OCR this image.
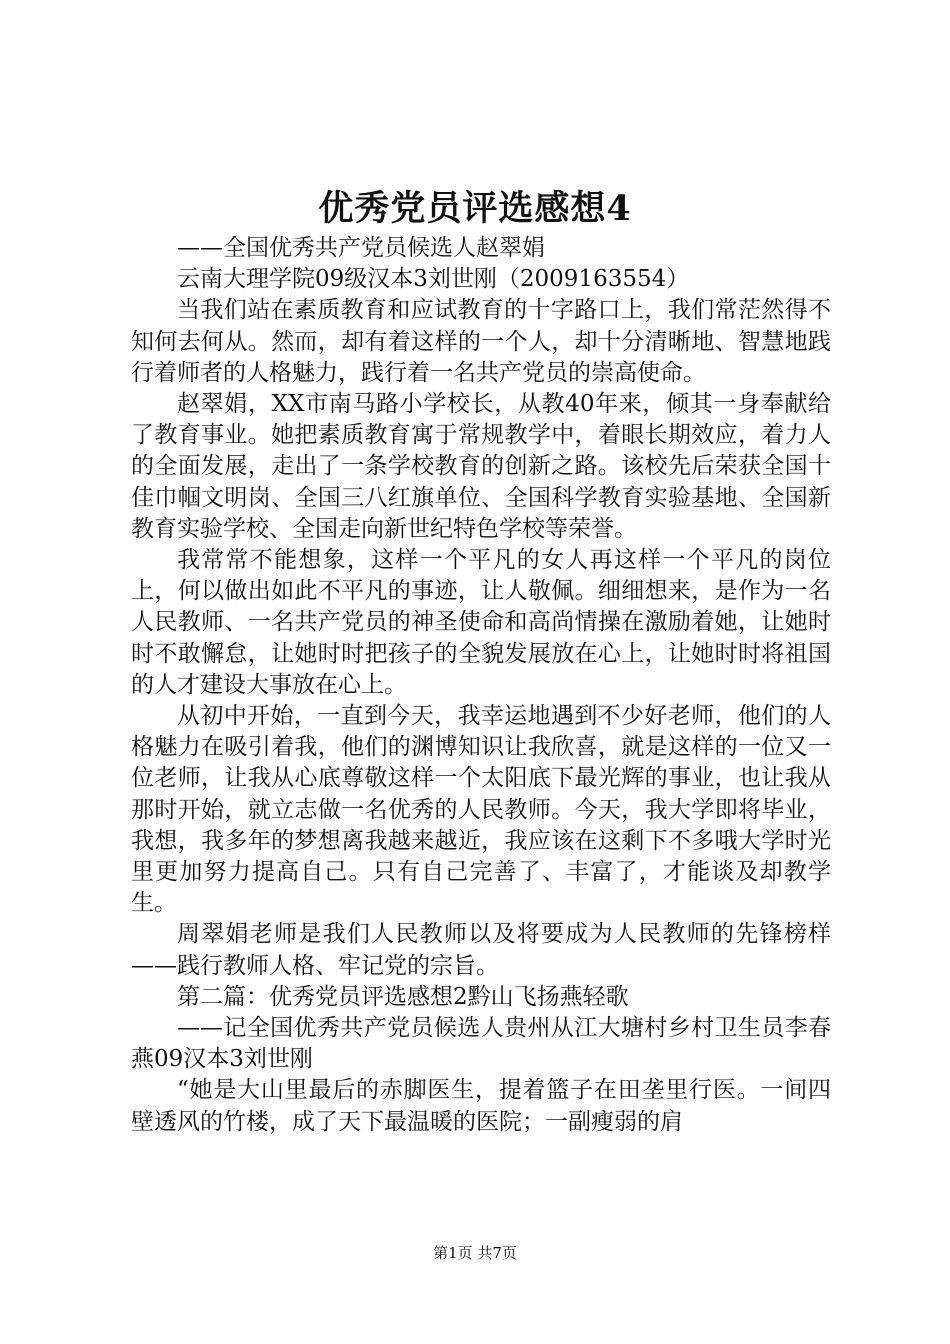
优秀党员评选感想4

——全国优秀共产党员候选人赵翠娟

云南大理学院09级汉本3刘世刚（2009163554）

当我们站在素质教育和应试教育的十字路口上，我们常茫然得不知何去何从。然而，却有着这样的一个人，却十分清晰地、智慧地践行着师者的人格魅力，践行着一名共产党员的崇高使命。

赵翠娟，XX市南马路小学校长，从教40年来，倾其一身奉献给了教育事业。她把素质教育寓于常规教学中，着眼长期效应，着力人的全面发展，走出了一条学校教育的创新之路。该校先后荣获全国十佳巾帼文明岗、全国三八红旗单位、全国科学教育实验基地、全国新教育实验学校、全国走向新世纪特色学校等荣誉。

我常常不能想象，这样一个平凡的女人再这样一个平凡的岗位上，何以做出如此不平凡的事迹，让人敬佩。细细想来，是作为一名人民教师、一名共产党员的神圣使命和高尚情操在激励着她，让她时时不敢懈怠，让她时时把孩子的全貌发展放在心上，让她时时将祖国的人才建设大事放在心上。

从初中开始，一直到今天，我幸运地遇到不少好老师，他们的人格魅力在吸引着我，他们的渊博知识让我欣喜，就是这样的一位又一位老师，让我从心底尊敬这样一个太阳底下最光辉的事业，也让我从那时开始，就立志做一名优秀的人民教师。今天，我大学即将毕业，我想，我多年的梦想离我越来越近，我应该在这剩下不多哦大学时光里更加努力提高自己。只有自己完善了、丰富了，才能谈及却教学生。

周翠娟老师是我们人民教师以及将要成为人民教师的先锋榜样——践行教师人格、牢记党的宗旨。

第二篇：优秀党员评选感想2黔山飞扬燕轻歌

——记全国优秀共产党员候选人贵州从江大塘村乡村卫生员李春燕09汉本3刘世刚

“她是大山里最后的赤脚医生，提着篮子在田垄里行医。一间四壁透风的竹楼，成了天下最温暖的医院；一副瘦弱的肩

第1页 共7页
